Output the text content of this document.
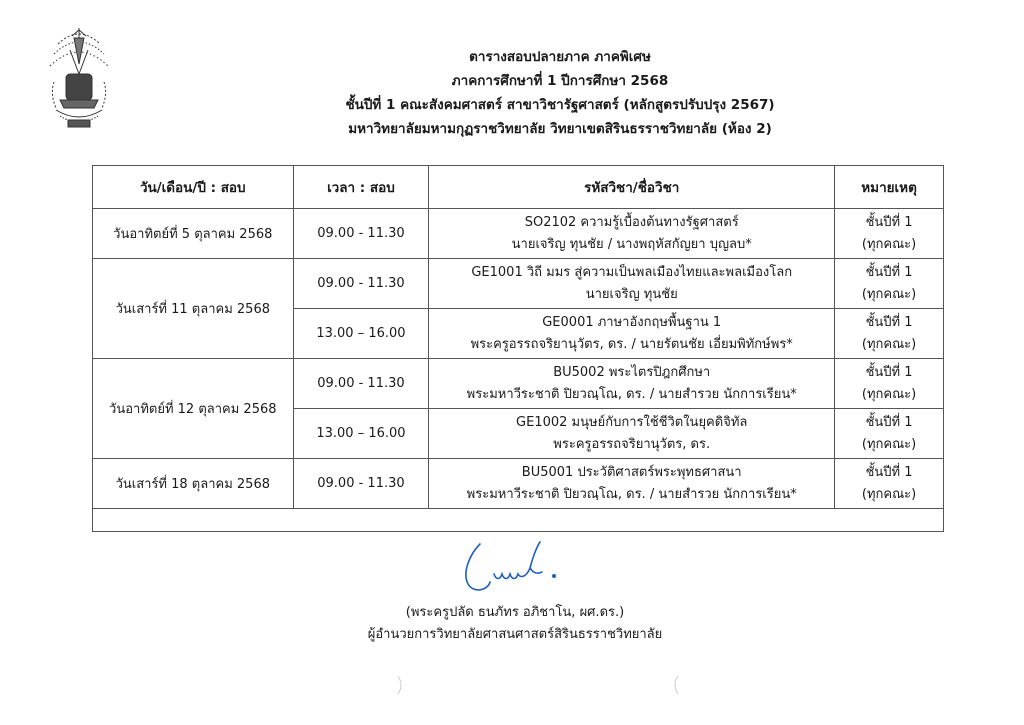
ตารางสอบปลายภาค ภาคพิเศษ
ภาคการศึกษาที่ 1 ปีการศึกษา 2568
ชั้นปีที่ 1 คณะสังคมศาสตร์ สาขาวิชารัฐศาสตร์ (หลักสูตรปรับปรุง 2567)
มหาวิทยาลัยมหามกุฏราชวิทยาลัย วิทยาเขตสิรินธรราชวิทยาลัย (ห้อง 2)
วัน/เดือน/ปี : สอบ	เวลา : สอบ	รหัสวิชา/ชื่อวิชา	หมายเหตุ
วันอาทิตย์ที่ 5 ตุลาคม 2568	09.00 - 11.30	SO2102 ความรู้เบื้องต้นทางรัฐศาสตร์
นายเจริญ ทุนชัย / นางพฤหัสกัญยา บุญลบ*	ชั้นปีที่ 1
(ทุกคณะ)

วันเสาร์ที่ 11 ตุลาคม 2568	09.00 - 11.30	GE1001 วิถี มมร สู่ความเป็นพลเมืองไทยและพลเมืองโลก
นายเจริญ ทุนชัย	ชั้นปีที่ 1
(ทุกคณะ)

	13.00 – 16.00	GE0001 ภาษาอังกฤษพื้นฐาน 1
พระครูอรรถจริยานุวัตร, ดร. / นายรัตนชัย เอี่ยมพิทักษ์พร*	ชั้นปีที่ 1
(ทุกคณะ)

วันอาทิตย์ที่ 12 ตุลาคม 2568	09.00 - 11.30	BU5002 พระไตรปิฎกศึกษา
พระมหาวีระชาติ ปิยวณฺโณ, ดร. / นายสำรวย นักการเรียน*	ชั้นปีที่ 1
(ทุกคณะ)

	13.00 – 16.00	GE1002 มนุษย์กับการใช้ชีวิตในยุคดิจิทัล
พระครูอรรถจริยานุวัตร, ดร.	ชั้นปีที่ 1
(ทุกคณะ)

วันเสาร์ที่ 18 ตุลาคม 2568	09.00 - 11.30	BU5001 ประวัติศาสตร์พระพุทธศาสนา
พระมหาวีระชาติ ปิยวณฺโณ, ดร. / นายสำรวย นักการเรียน*	ชั้นปีที่ 1
(ทุกคณะ)

(พระครูปลัด ธนภัทร อภิชาโน, ผศ.ดร.)
ผู้อำนวยการวิทยาลัยศาสนศาสตร์สิรินธรราชวิทยาลัย
